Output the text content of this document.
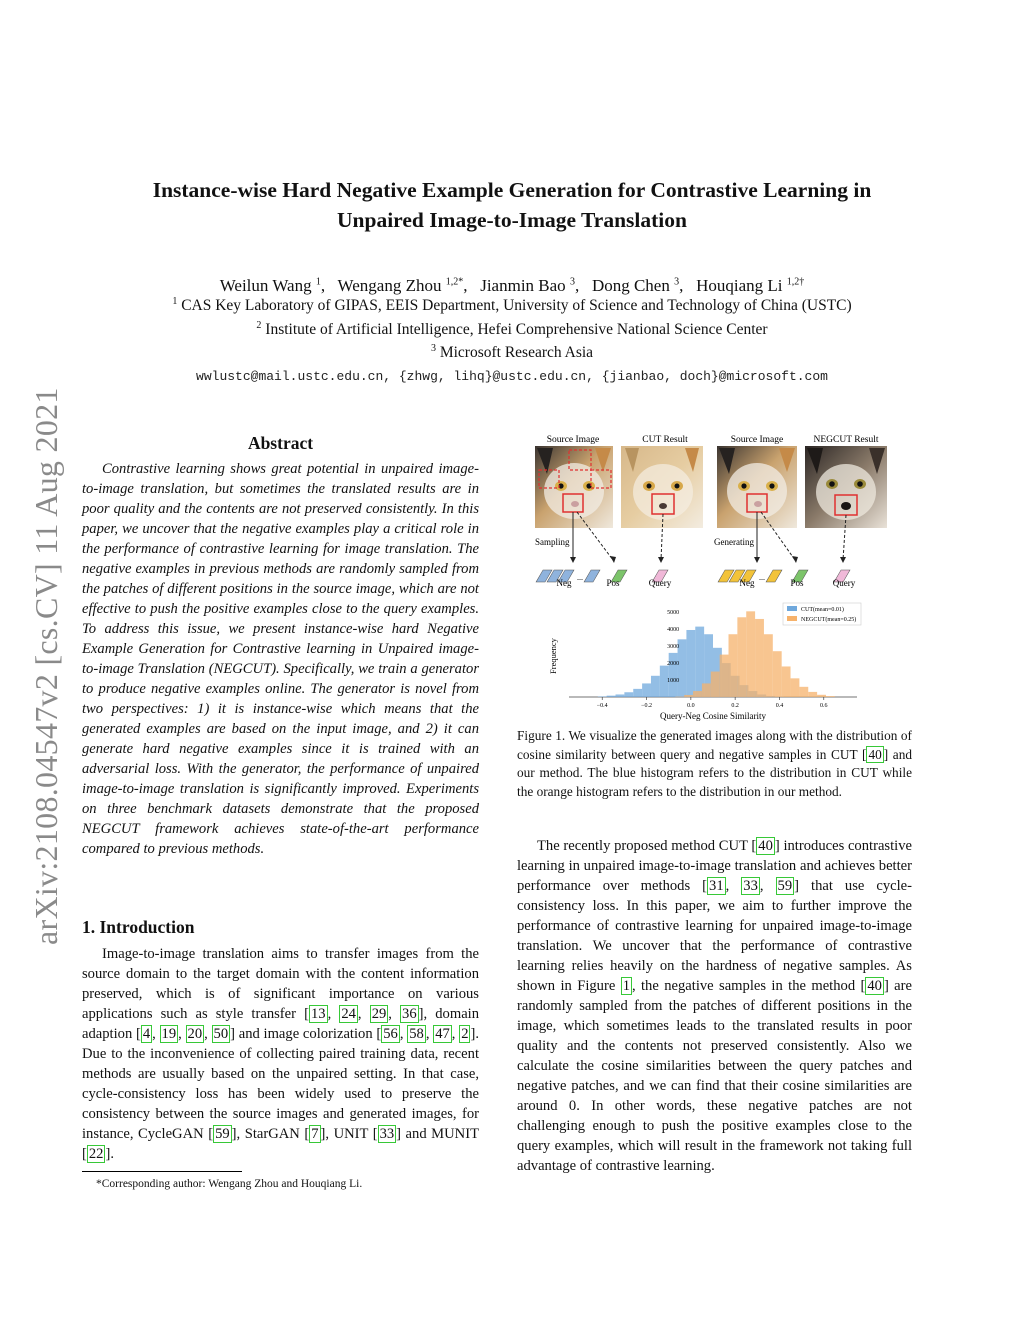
arXiv:2108.04547v2 [cs.CV] 11 Aug 2021
Instance-wise Hard Negative Example Generation for Contrastive Learning in
Unpaired Image-to-Image Translation
Weilun Wang $^1$,   Wengang Zhou $^{1,2*}$,   Jianmin Bao $^3$,   Dong Chen $^3$,   Houqiang Li $^{1,2\dagger}$
$^1$ CAS Key Laboratory of GIPAS, EEIS Department, University of Science and Technology of China (USTC)
$^2$ Institute of Artificial Intelligence, Hefei Comprehensive National Science Center
$^3$ Microsoft Research Asia
wwlustc@mail.ustc.edu.cn, {zhwg, lihq}@ustc.edu.cn, {jianbao, doch}@microsoft.com
Abstract
Contrastive learning shows great potential in unpaired image-to-image translation, but sometimes the translated results are in poor quality and the contents are not preserved consistently. In this paper, we uncover that the negative examples play a critical role in the performance of contrastive learning for image translation. The negative examples in previous methods are randomly sampled from the patches of different positions in the source image, which are not effective to push the positive examples close to the query examples. To address this issue, we present instance-wise hard Negative Example Generation for Contrastive learning in Unpaired image-to-image Translation (NEGCUT). Specifically, we train a generator to produce negative examples online. The generator is novel from two perspectives: 1) it is instance-wise which means that the generated examples are based on the input image, and 2) it can generate hard negative examples since it is trained with an adversarial loss. With the generator, the performance of unpaired image-to-image translation is significantly improved. Experiments on three benchmark datasets demonstrate that the proposed NEGCUT framework achieves state-of-the-art performance compared to previous methods.
1. Introduction
Image-to-image translation aims to transfer images from the source domain to the target domain with the content information preserved, which is of significant importance on various applications such as style transfer [ 13 , 24 , 29 , 36 ], domain adaption [ 4 , 19 , 20 , 50 ] and image colorization [ 56 , 58 , 47 , 2 ]. Due to the inconvenience of collecting paired training data, recent methods are usually based on the unpaired setting. In that case, cycle-consistency loss has been widely used to preserve the consistency between the source images and generated images, for instance, CycleGAN [ 59 ], StarGAN [ 7 ], UNIT [ 33 ] and MUNIT [ 22 ].
*Corresponding author: Wengang Zhou and Houqiang Li.
Source Image	CUT Result	Source Image	NEGCUT Result
Sampling	Generating
...	...
Neg	Pos	Query	Neg	Pos	Query
Frequency
Query-Neg Cosine Similarity
−0.4	−0.2	0.0	0.2	0.4	0.6
1000
2000
3000
4000
5000
CUT(mean=0.01)
NEGCUT(mean=0.25)
Figure 1. We visualize the generated images along with the distribution of cosine similarity between query and negative samples in CUT [ 40 ] and our method. The blue histogram refers to the distribution in CUT while the orange histogram refers to the distribution in our method.
The recently proposed method CUT [ 40 ] introduces contrastive learning in unpaired image-to-image translation and achieves better performance over methods [ 31 , 33 , 59 ] that use cycle-consistency loss. In this paper, we aim to further improve the performance of contrastive learning for unpaired image-to-image translation. We uncover that the performance of contrastive learning relies heavily on the hardness of negative samples. As shown in Figure 1 , the negative samples in the method [ 40 ] are randomly sampled from the patches of different positions in the image, which sometimes leads to the translated results in poor quality and the contents not preserved consistently. Also we calculate the cosine similarities between the query patches and negative patches, and we can find that their cosine similarities are around 0. In other words, these negative patches are not challenging enough to push the positive examples close to the query examples, which will result in the framework not taking full advantage of contrastive learning.
